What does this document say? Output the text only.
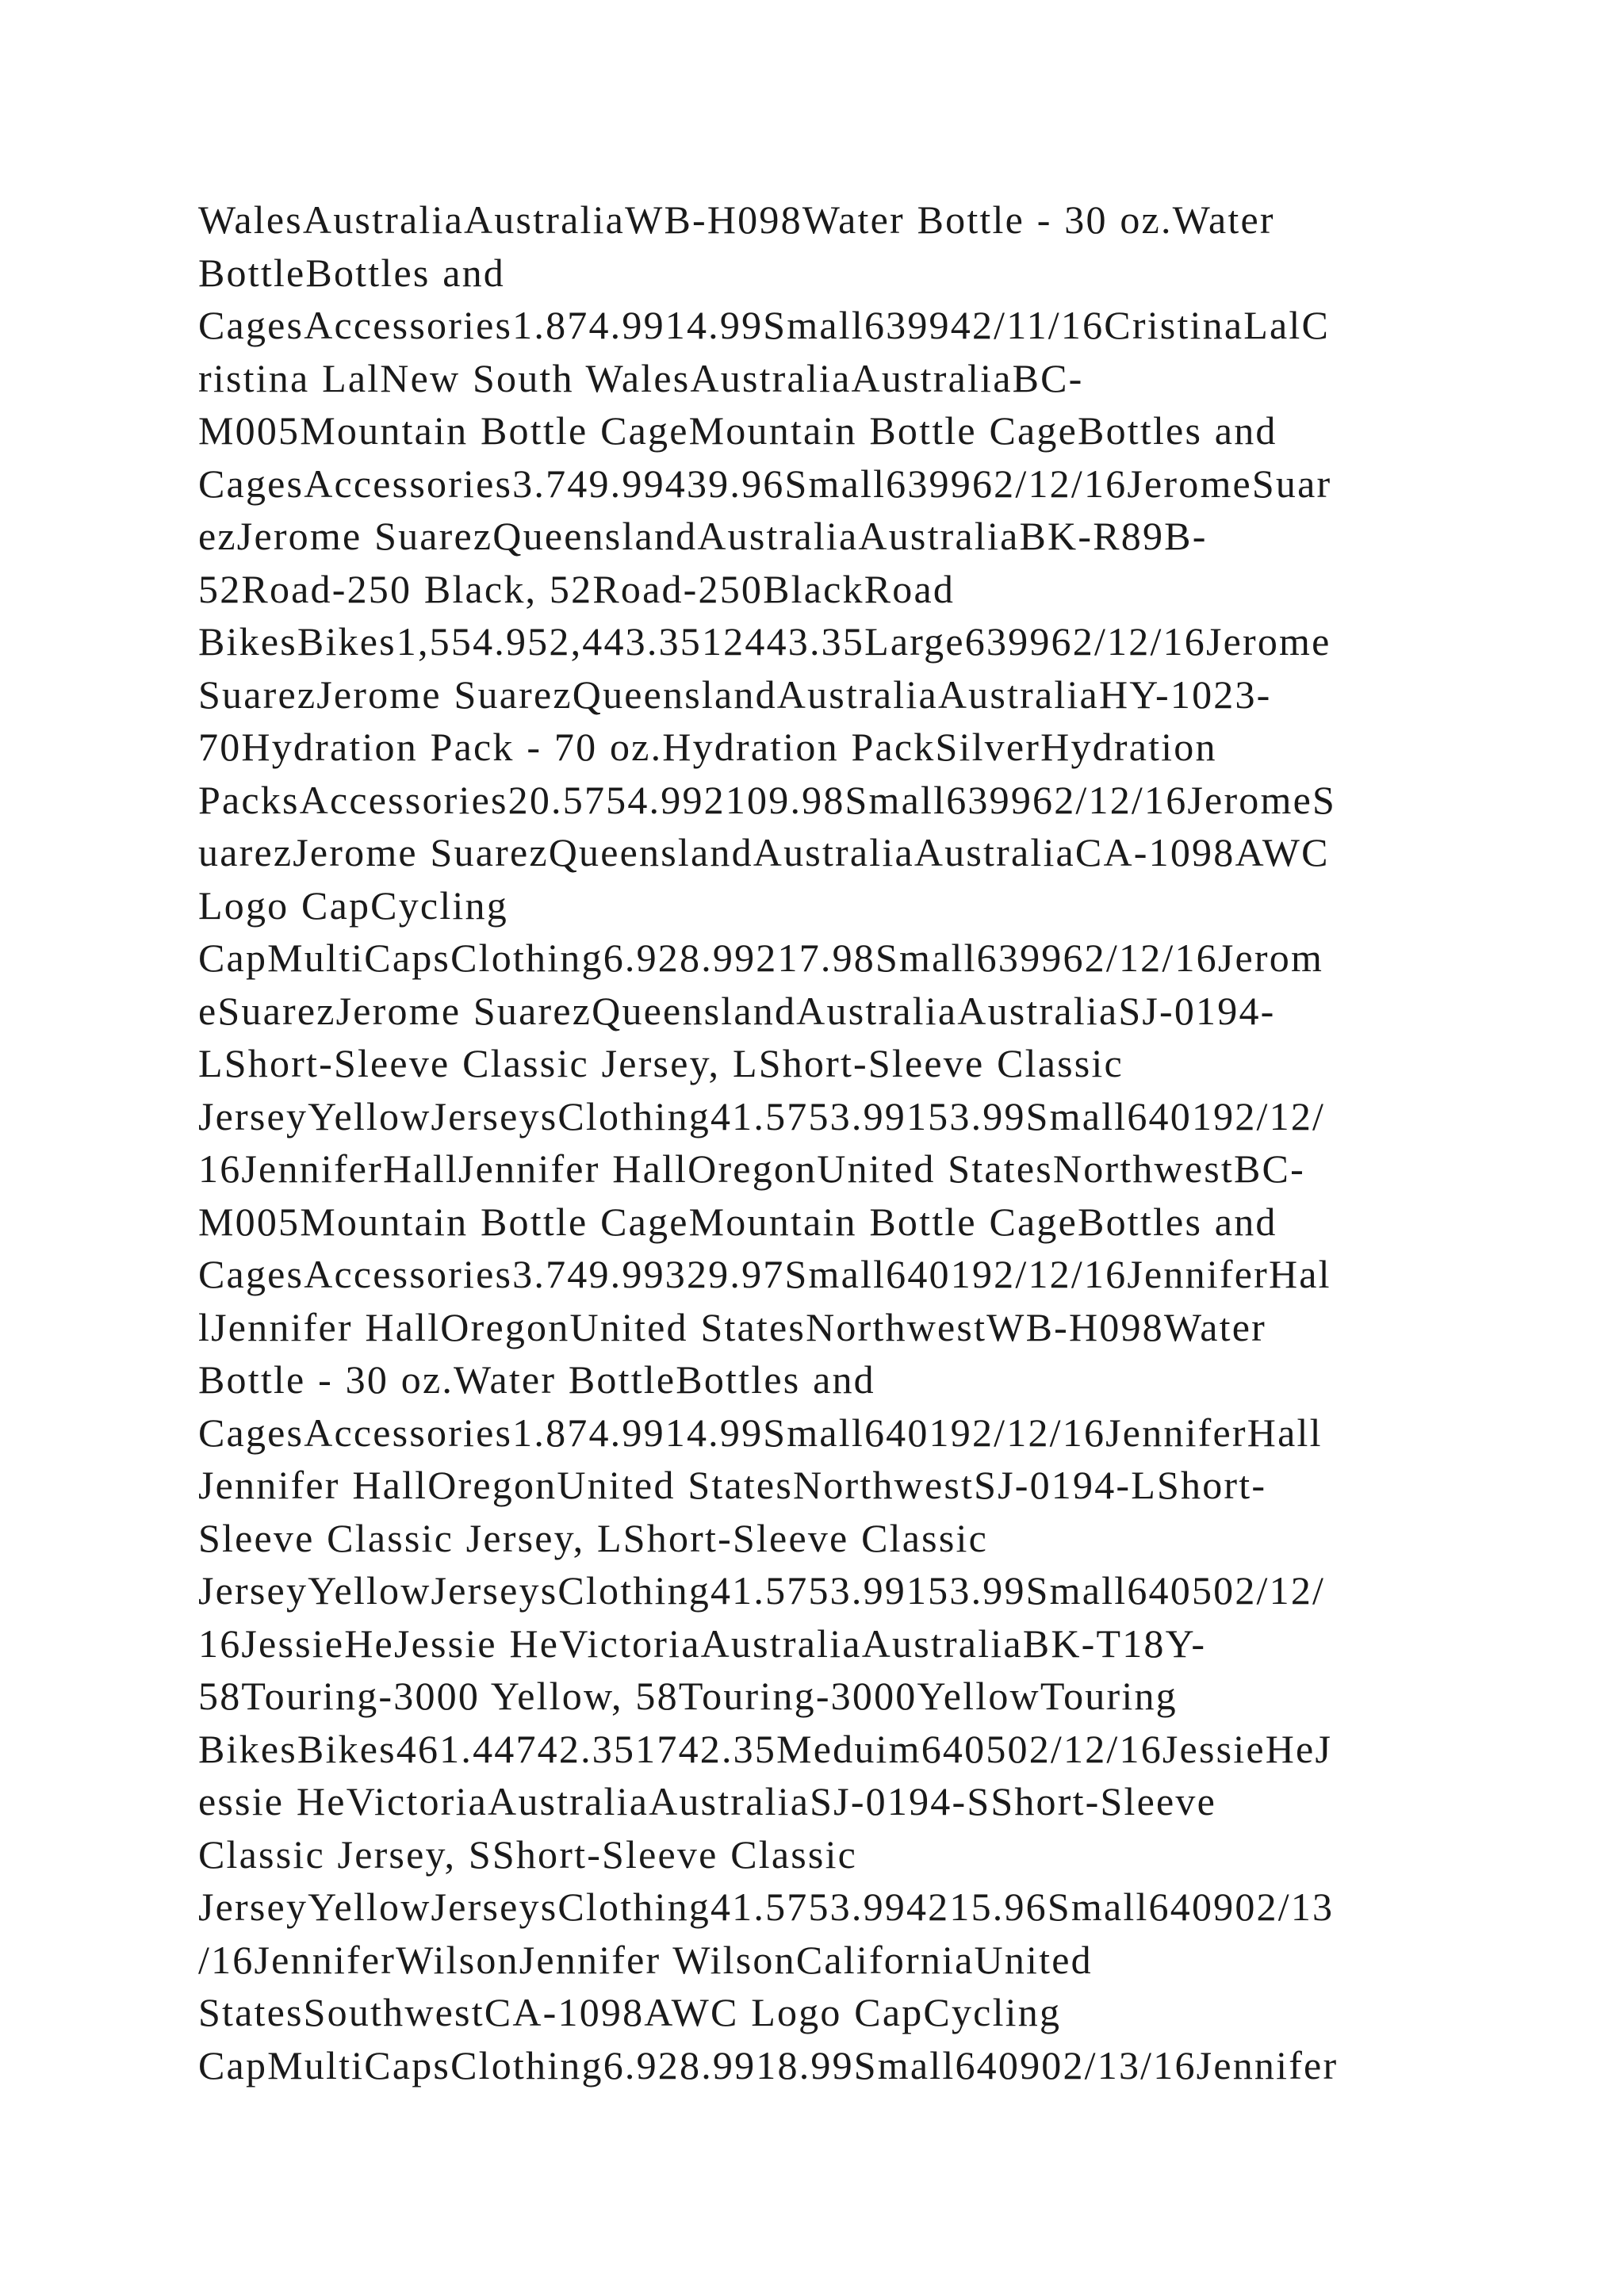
WalesAustraliaAustraliaWB-H098Water Bottle - 30 oz.Water
BottleBottles and
CagesAccessories1.874.9914.99Small639942/11/16CristinaLalC
ristina LalNew South WalesAustraliaAustraliaBC-
M005Mountain Bottle CageMountain Bottle CageBottles and
CagesAccessories3.749.99439.96Small639962/12/16JeromeSuar
ezJerome SuarezQueenslandAustraliaAustraliaBK-R89B-
52Road-250 Black, 52Road-250BlackRoad
BikesBikes1,554.952,443.3512443.35Large639962/12/16Jerome
SuarezJerome SuarezQueenslandAustraliaAustraliaHY-1023-
70Hydration Pack - 70 oz.Hydration PackSilverHydration
PacksAccessories20.5754.992109.98Small639962/12/16JeromeS
uarezJerome SuarezQueenslandAustraliaAustraliaCA-1098AWC
Logo CapCycling
CapMultiCapsClothing6.928.99217.98Small639962/12/16Jerom
eSuarezJerome SuarezQueenslandAustraliaAustraliaSJ-0194-
LShort-Sleeve Classic Jersey, LShort-Sleeve Classic
JerseyYellowJerseysClothing41.5753.99153.99Small640192/12/
16JenniferHallJennifer HallOregonUnited StatesNorthwestBC-
M005Mountain Bottle CageMountain Bottle CageBottles and
CagesAccessories3.749.99329.97Small640192/12/16JenniferHal
lJennifer HallOregonUnited StatesNorthwestWB-H098Water
Bottle - 30 oz.Water BottleBottles and
CagesAccessories1.874.9914.99Small640192/12/16JenniferHall
Jennifer HallOregonUnited StatesNorthwestSJ-0194-LShort-
Sleeve Classic Jersey, LShort-Sleeve Classic
JerseyYellowJerseysClothing41.5753.99153.99Small640502/12/
16JessieHeJessie HeVictoriaAustraliaAustraliaBK-T18Y-
58Touring-3000 Yellow, 58Touring-3000YellowTouring
BikesBikes461.44742.351742.35Meduim640502/12/16JessieHeJ
essie HeVictoriaAustraliaAustraliaSJ-0194-SShort-Sleeve
Classic Jersey, SShort-Sleeve Classic
JerseyYellowJerseysClothing41.5753.994215.96Small640902/13
/16JenniferWilsonJennifer WilsonCaliforniaUnited
StatesSouthwestCA-1098AWC Logo CapCycling
CapMultiCapsClothing6.928.9918.99Small640902/13/16Jennifer
